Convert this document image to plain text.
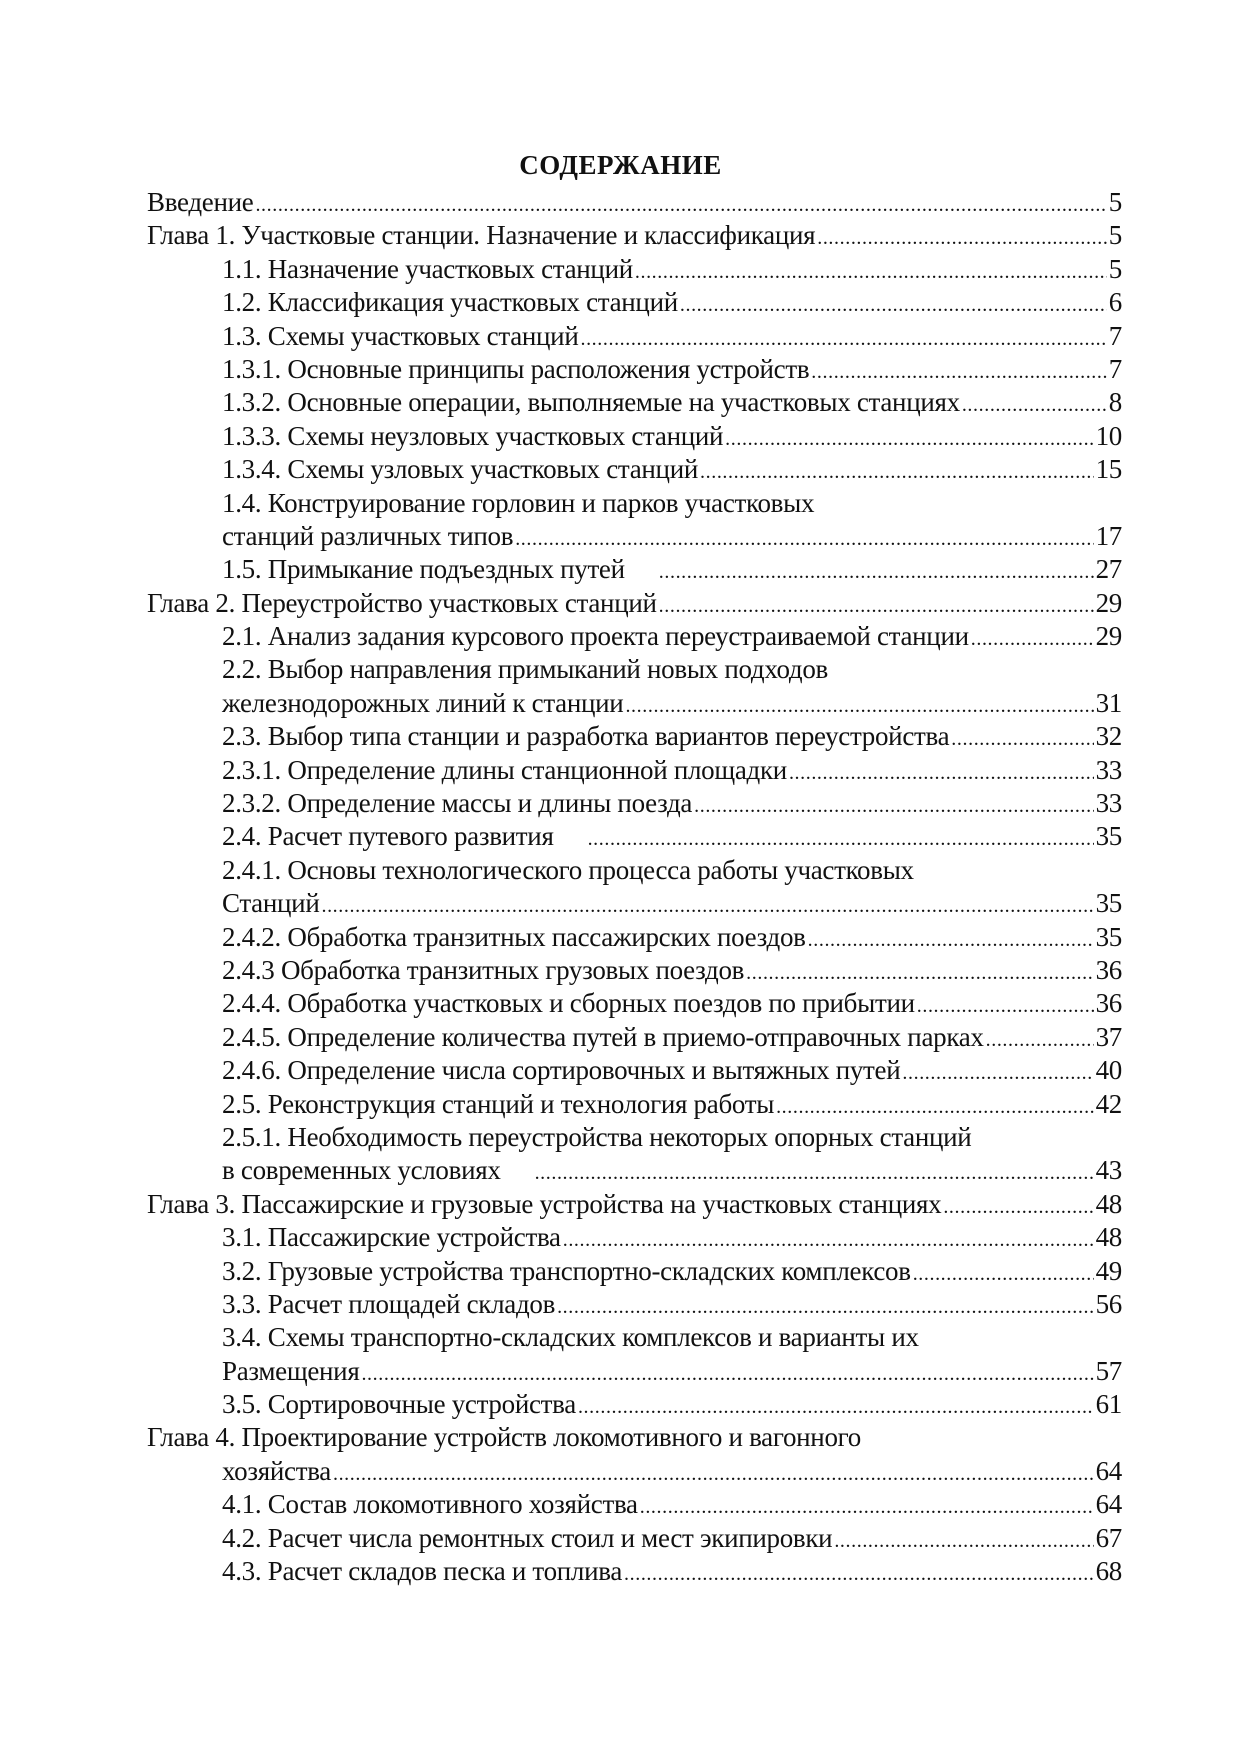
СОДЕРЖАНИЕ
Введение .....	5
Глава 1. Участковые станции. Назначение и классификация .....	5
1.1. Назначение участковых станций .....	5
1.2. Классификация участковых станций .....	6
1.3. Схемы участковых станций .....	7
1.3.1. Основные принципы расположения устройств .....	7
1.3.2. Основные операции, выполняемые на участковых станциях .....	8
1.3.3. Схемы неузловых участковых станций .....	10
1.3.4. Схемы узловых участковых станций .....	15
1.4. Конструирование горловин и парков участковых
станций различных типов .....	17
1.5. Примыкание подъездных путей .....	27
Глава 2. Переустройство участковых станций .....	29
2.1. Анализ задания курсового проекта переустраиваемой станции .....	29
2.2. Выбор направления примыканий новых подходов
железнодорожных линий к станции .....	31
2.3. Выбор типа станции и разработка вариантов переустройства .....	32
2.3.1. Определение длины станционной площадки .....	33
2.3.2. Определение массы и длины поезда .....	33
2.4. Расчет путевого развития .....	35
2.4.1. Основы технологического процесса работы участковых
Станций .....	35
2.4.2. Обработка транзитных пассажирских поездов .....	35
2.4.3 Обработка транзитных грузовых поездов .....	36
2.4.4. Обработка участковых и сборных поездов по прибытии .....	36
2.4.5. Определение количества путей в приемо-отправочных парках .....	37
2.4.6. Определение числа сортировочных и вытяжных путей .....	40
2.5. Реконструкция станций и технология работы .....	42
2.5.1. Необходимость переустройства некоторых опорных станций
в современных условиях .....	43
Глава 3. Пассажирские и грузовые устройства на участковых станциях .....	48
3.1. Пассажирские устройства .....	48
3.2. Грузовые устройства транспортно-складских комплексов .....	49
3.3. Расчет площадей складов .....	56
3.4. Схемы транспортно-складских комплексов и варианты их
Размещения .....	57
3.5. Сортировочные устройства .....	61
Глава 4. Проектирование устройств локомотивного и вагонного
хозяйства .....	64
4.1. Состав локомотивного хозяйства .....	64
4.2. Расчет числа ремонтных стоил и мест экипировки .....	67
4.3. Расчет складов песка и топлива .....	68
